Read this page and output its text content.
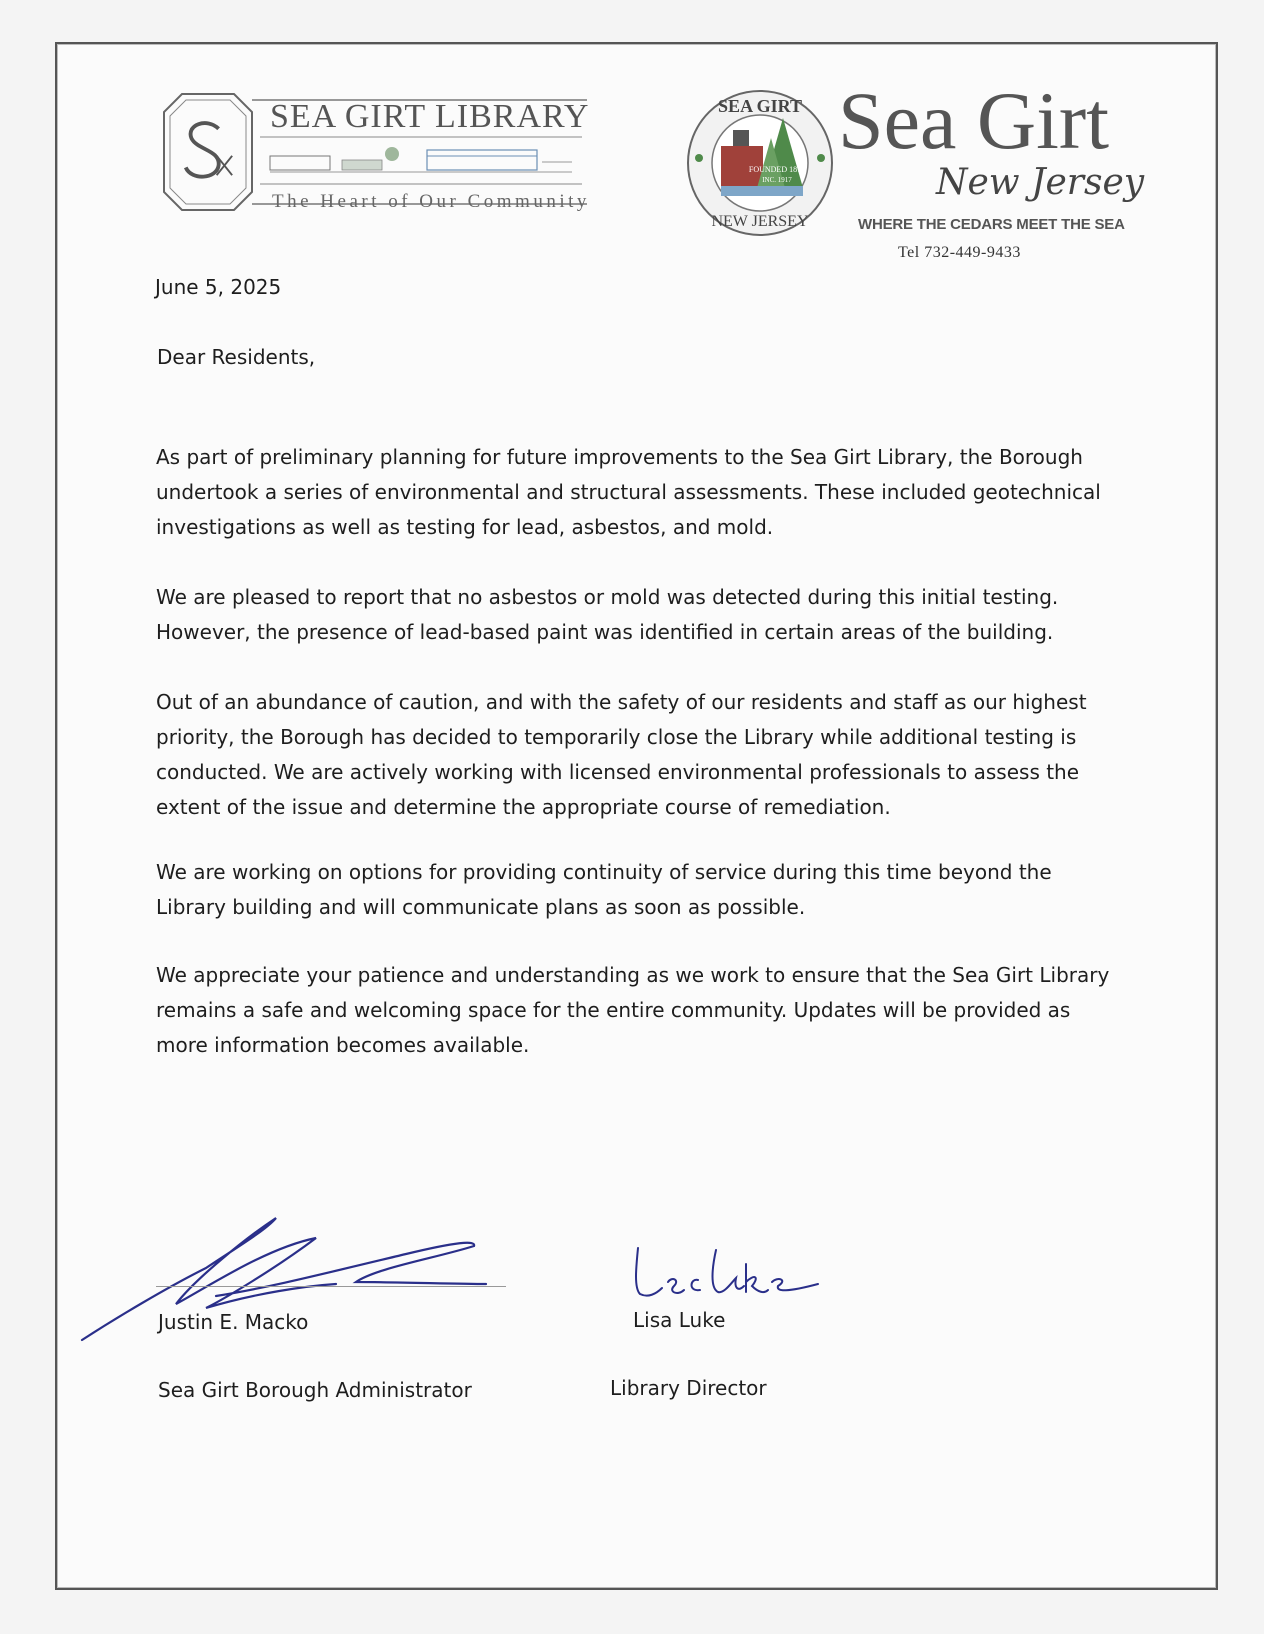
SEA GIRT LIBRARY
The Heart of Our Community
SEA GIRT
NEW JERSEY
FOUNDED 1875
INC. 1917
Sea Girt
New Jersey
WHERE THE CEDARS MEET THE SEA
Tel 732-449-9433
June 5, 2025
Dear Residents,
As part of preliminary planning for future improvements to the Sea Girt Library, the Borough undertook a series of environmental and structural assessments. These included geotechnical investigations as well as testing for lead, asbestos, and mold.
We are pleased to report that no asbestos or mold was detected during this initial testing. However, the presence of lead-based paint was identified in certain areas of the building.
Out of an abundance of caution, and with the safety of our residents and staff as our highest priority, the Borough has decided to temporarily close the Library while additional testing is conducted. We are actively working with licensed environmental professionals to assess the extent of the issue and determine the appropriate course of remediation.
We are working on options for providing continuity of service during this time beyond the Library building and will communicate plans as soon as possible.
We appreciate your patience and understanding as we work to ensure that the Sea Girt Library remains a safe and welcoming space for the entire community. Updates will be provided as more information becomes available.
Justin E. Macko
Sea Girt Borough Administrator
Lisa Luke
Library Director
